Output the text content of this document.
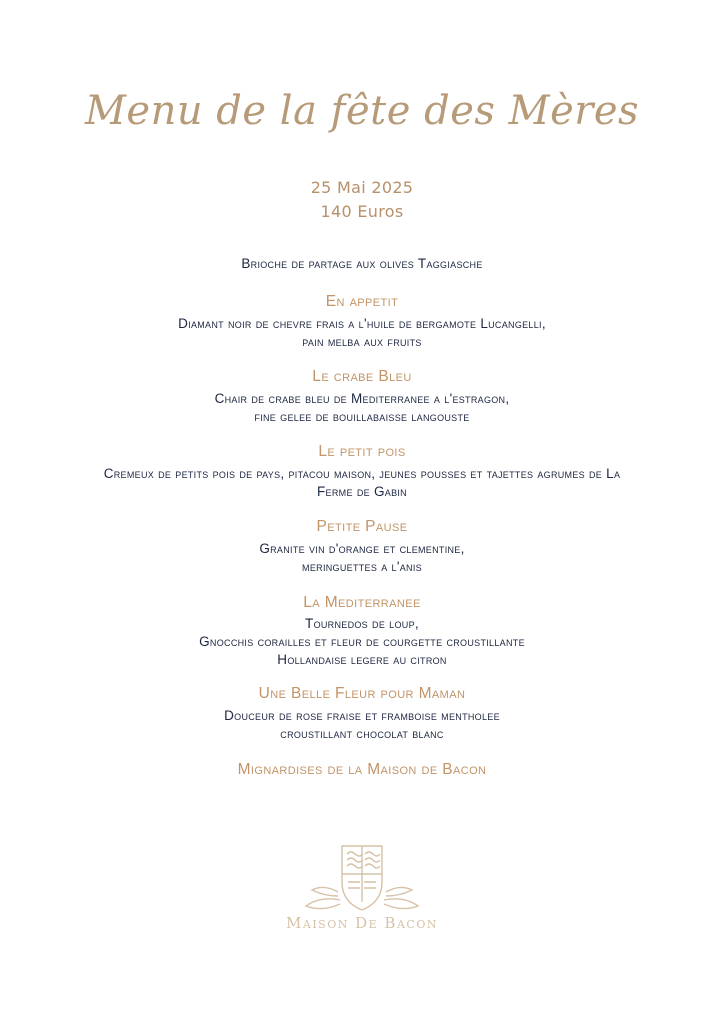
Menu de la fête des Mères
25 Mai 2025
140 Euros
Brioche de partage aux olives Taggiasche
En appetit
Diamant noir de chevre frais a l'huile de bergamote Lucangelli,
pain melba aux fruits
Le crabe Bleu
Chair de crabe bleu de Mediterranee a l'estragon,
fine gelee de bouillabaisse langouste
Le petit pois
Cremeux de petits pois de pays, pitacou maison, jeunes pousses et tajettes agrumes de La
Ferme de Gabin
Petite Pause
Granite vin d'orange et clementine,
meringuettes a l'anis
La Mediterranee
Tournedos de loup,
Gnocchis corailles et fleur de courgette croustillante
Hollandaise legere au citron
Une Belle Fleur pour Maman
Douceur de rose fraise et framboise mentholee
croustillant chocolat blanc
Mignardises de la Maison de Bacon
Maison De Bacon
